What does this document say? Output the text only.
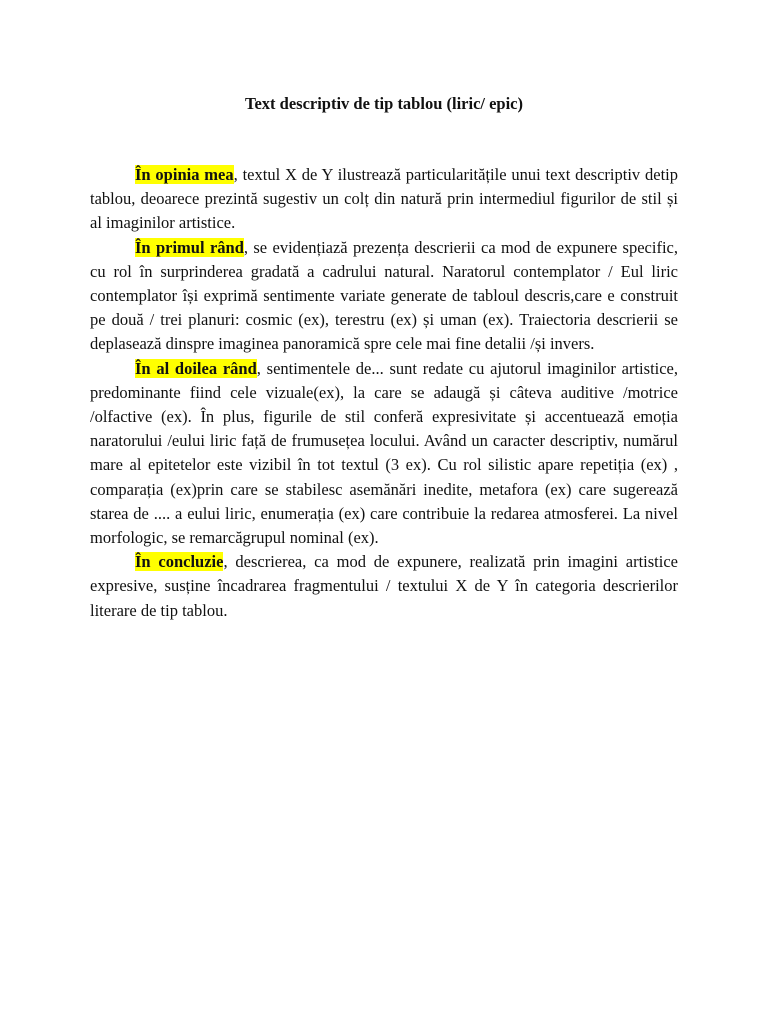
Text descriptiv de tip tablou (liric/ epic)

În opinia mea, textul X de Y ilustrează particularitățile unui text descriptiv detip tablou, deoarece prezintă sugestiv un colț din natură prin intermediul figurilor de stil și al imaginilor artistice.

În primul rând, se evidențiază prezența descrierii ca mod de expunere specific, cu rol în surprinderea gradată a cadrului natural. Naratorul contemplator / Eul liric contemplator își exprimă sentimente variate generate de tabloul descris,care e construit pe două / trei planuri: cosmic (ex), terestru (ex) și uman (ex). Traiectoria descrierii se deplasează dinspre imaginea panoramică spre cele mai fine detalii /și invers.

În al doilea rând, sentimentele de... sunt redate cu ajutorul imaginilor artistice, predominante fiind cele vizuale(ex), la care se adaugă și câteva auditive /motrice /olfactive (ex). În plus, figurile de stil conferă expresivitate și accentuează emoția naratorului /eului liric față de frumusețea locului. Având un caracter descriptiv, numărul mare al epitetelor este vizibil în tot textul (3 ex). Cu rol silistic apare repetiția (ex) , comparația (ex)prin care se stabilesc asemănări inedite, metafora (ex) care sugerează starea de .... a eului liric, enumerația (ex) care contribuie la redarea atmosferei. La nivel morfologic, se remarcăgrupul nominal (ex).

În concluzie, descrierea, ca mod de expunere, realizată prin imagini artistice expresive, susține încadrarea fragmentului / textului X de Y în categoria descrierilor literare de tip tablou.
